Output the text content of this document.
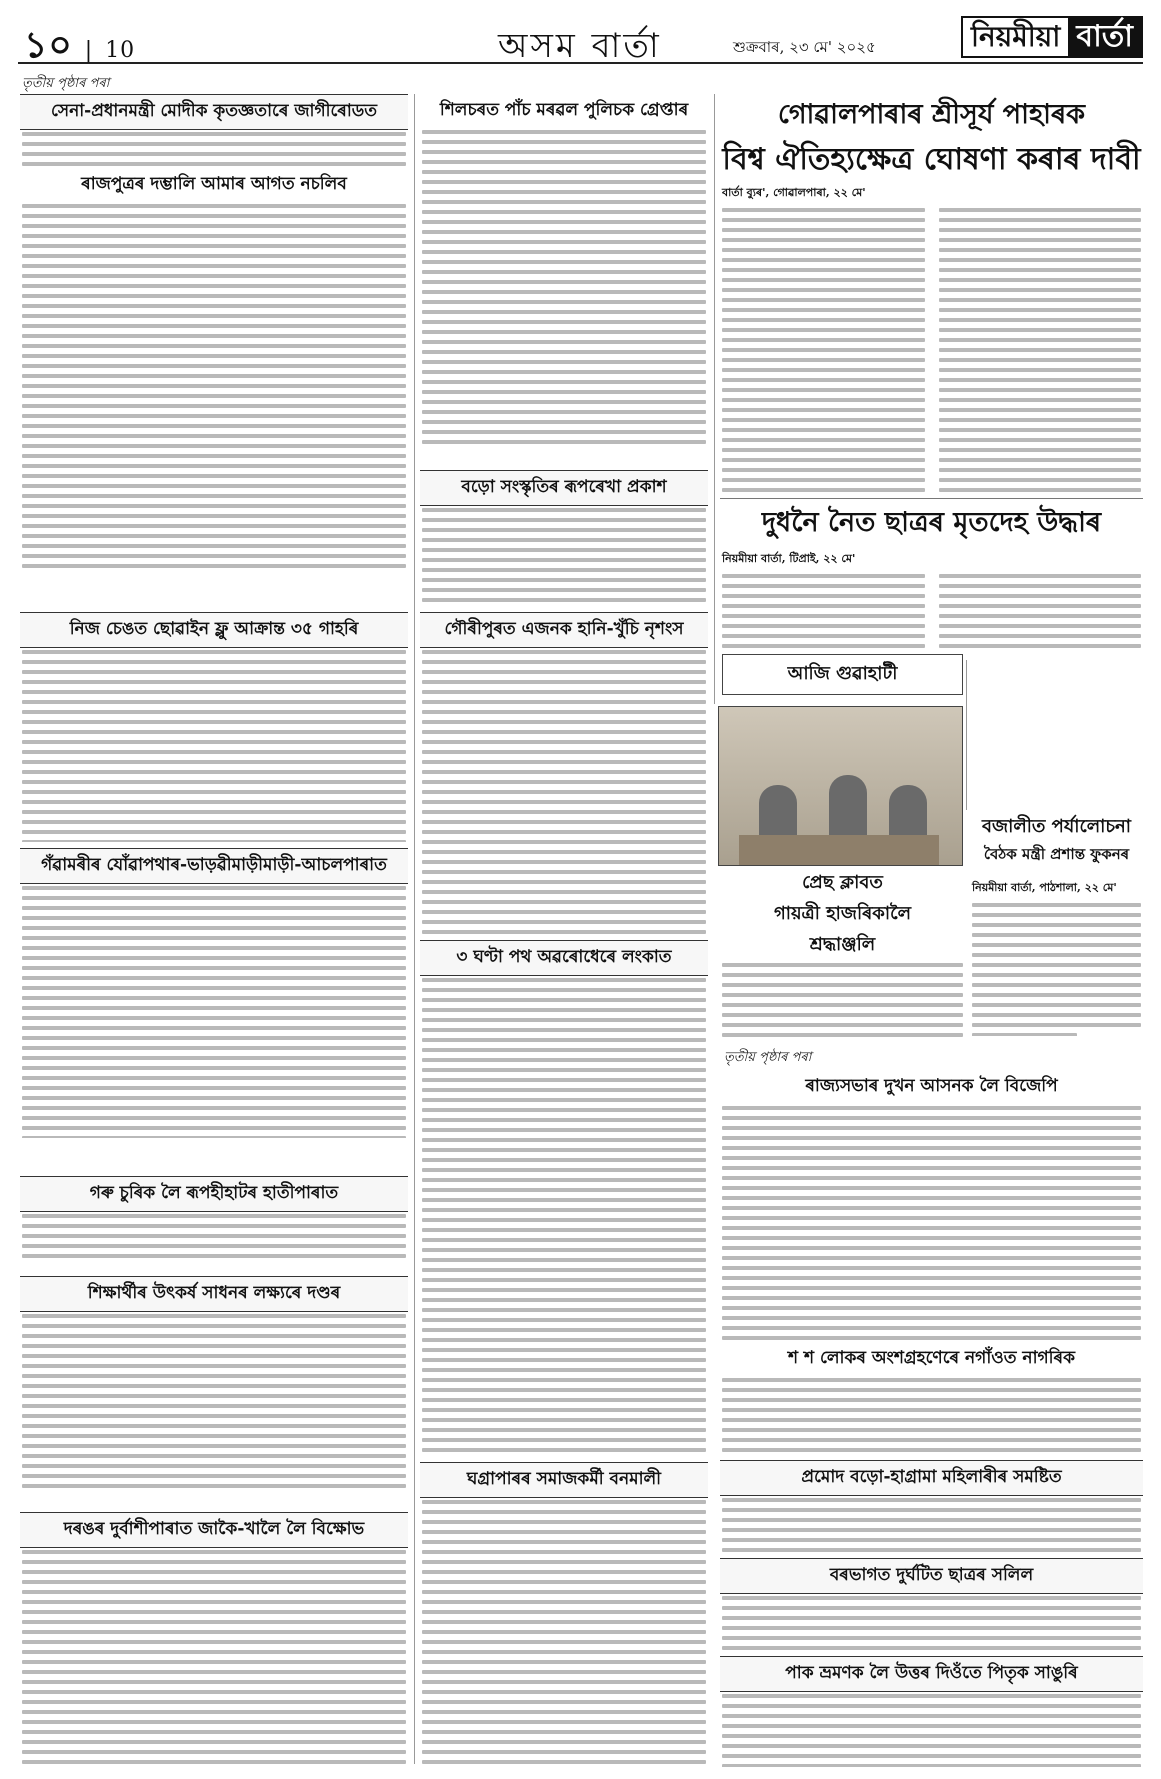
১০ | 10	অসম বাৰ্তা	শুক্ৰবাৰ, ২৩ মে' ২০২৫	নিয়মীয়া বাৰ্তা
তৃতীয় পৃষ্ঠাৰ পৰা
সেনা-প্ৰধানমন্ত্ৰী মোদীক কৃতজ্ঞতাৰে জাগীৰোডত
ৰাজপুত্ৰৰ দম্ভালি আমাৰ আগত নচলিব
নিজ চেঙত ছোৱাইন ফ্লু আক্ৰান্ত ৩৫ গাহৰি
গঁৱামৰীৰ যোঁৱাপথাৰ-ভাড়ৱীমাড়ীমাড়ী-আচলপাৰাত
গৰু চুৰিক লৈ ৰূপহীহাটৰ হাতীপাৰাত
শিক্ষাৰ্থীৰ উৎকৰ্ষ সাধনৰ লক্ষ্যৰে দণ্ডৰ
দৰঙৰ দুৰ্বাশীপাৰাত জাকৈ-খালৈ লৈ বিক্ষোভ
শিলচৰত পাঁচ মৰৱল পুলিচক গ্ৰেপ্তাৰ
বড়ো সংস্কৃতিৰ ৰূপৰেখা প্ৰকাশ
গৌৰীপুৰত এজনক হানি-খুঁচি নৃশংস
৩ ঘণ্টা পথ অৱৰোধেৰে লংকাত
ঘগ্ৰাপাৰৰ সমাজকৰ্মী বনমালী
গোৱালপাৰাৰ শ্ৰীসূৰ্য পাহাৰক
বিশ্ব ঐতিহ্যক্ষেত্ৰ ঘোষণা কৰাৰ দাবী
বাৰ্তা ব্যুৰ', গোৱালপাৰা, ২২ মে'
দুধনৈ নৈত ছাত্ৰৰ মৃতদেহ উদ্ধাৰ
নিয়মীয়া বাৰ্তা, টিপ্ৰাই, ২২ মে'
আজি গুৱাহাটী
প্ৰেছ ক্লাবত
গায়ত্ৰী হাজৰিকালৈ
শ্ৰদ্ধাঞ্জলি
বজালীত পৰ্যালোচনা
বৈঠক মন্ত্ৰী প্ৰশান্ত ফুকনৰ
নিয়মীয়া বাৰ্তা, পাঠশালা, ২২ মে'
তৃতীয় পৃষ্ঠাৰ পৰা
ৰাজ্যসভাৰ দুখন আসনক লৈ বিজেপি
শ শ লোকৰ অংশগ্ৰহণেৰে নগাঁওত নাগৰিক
প্ৰমোদ বড়ো-হাগ্ৰামা মহিলাৰীৰ সমষ্টিত
বৰভাগত দুৰ্ঘটিত ছাত্ৰৰ সলিল
পাক ভ্ৰমণক লৈ উত্তৰ দিওঁতে পিতৃক সাঙুৰি
